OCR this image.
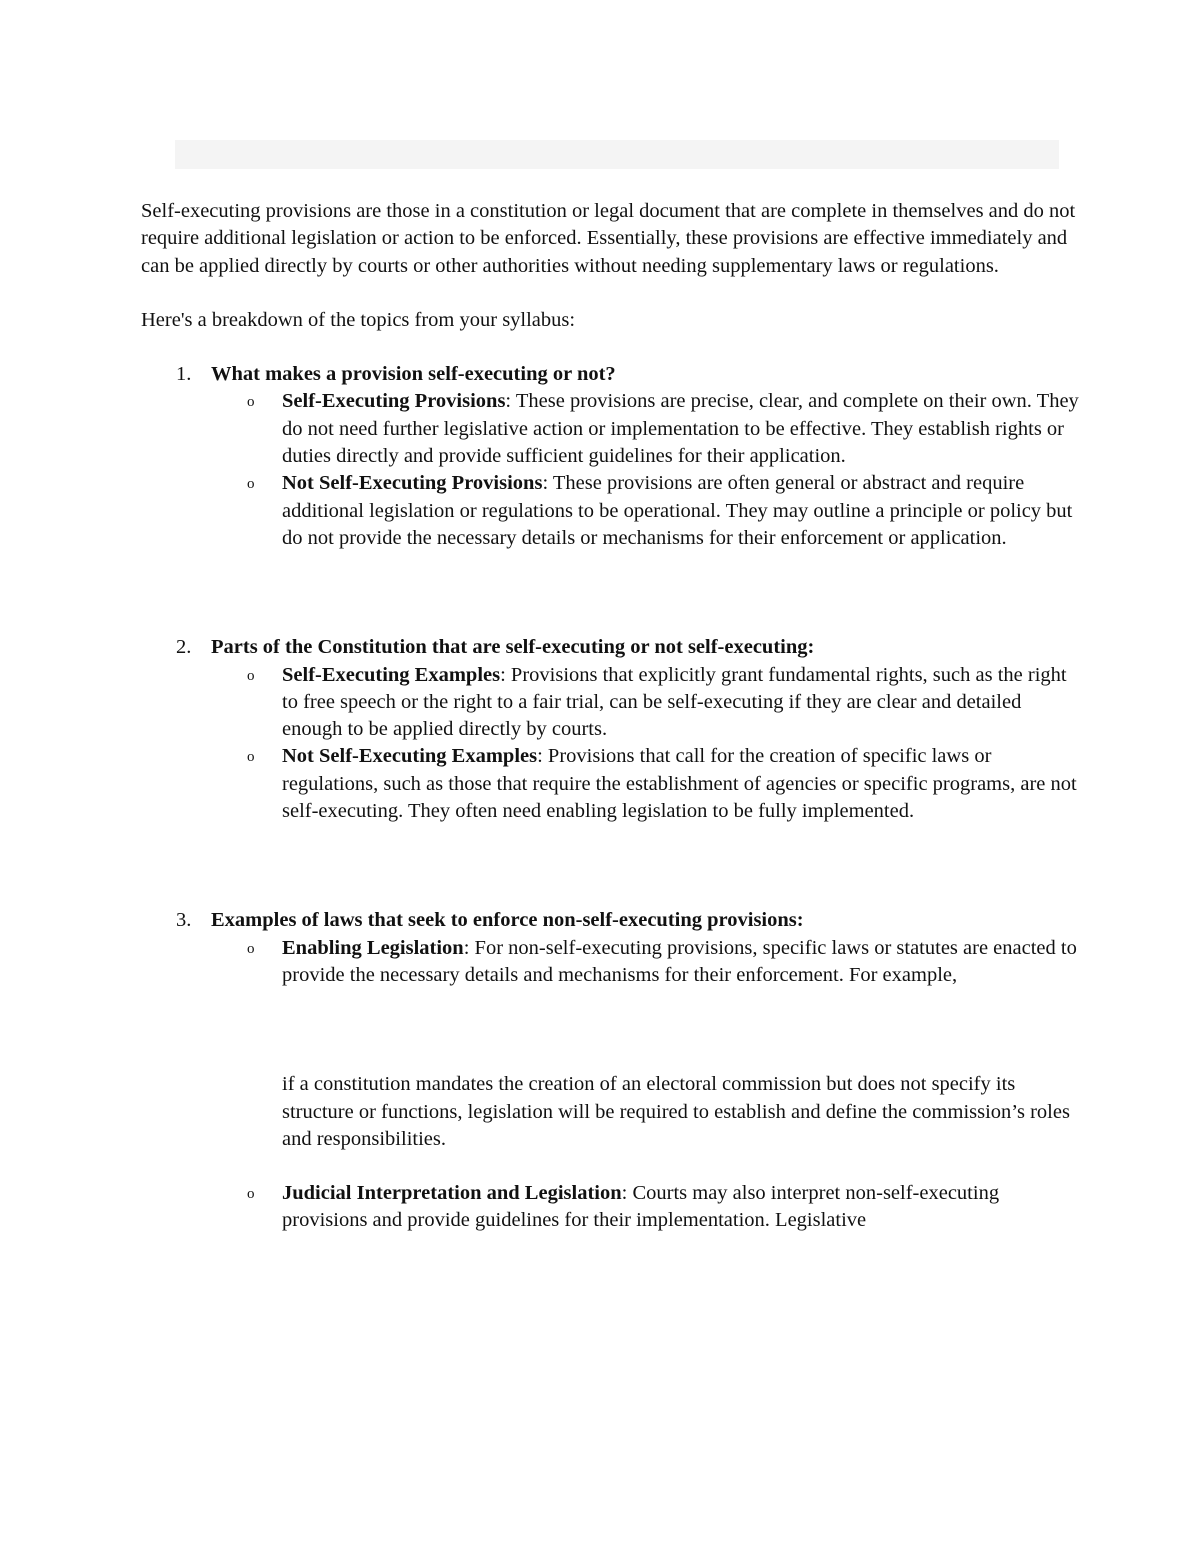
Self-executing provisions are those in a constitution or legal document that are complete in themselves and do not require additional legislation or action to be enforced. Essentially, these provisions are effective immediately and can be applied directly by courts or other authorities without needing supplementary laws or regulations.

Here's a breakdown of the topics from your syllabus:

1. What makes a provision self-executing or not?
o Self-Executing Provisions: These provisions are precise, clear, and complete on their own. They do not need further legislative action or implementation to be effective. They establish rights or duties directly and provide sufficient guidelines for their application.
o Not Self-Executing Provisions: These provisions are often general or abstract and require additional legislation or regulations to be operational. They may outline a principle or policy but do not provide the necessary details or mechanisms for their enforcement or application.
2. Parts of the Constitution that are self-executing or not self-executing:
o Self-Executing Examples: Provisions that explicitly grant fundamental rights, such as the right to free speech or the right to a fair trial, can be self-executing if they are clear and detailed enough to be applied directly by courts.
o Not Self-Executing Examples: Provisions that call for the creation of specific laws or regulations, such as those that require the establishment of agencies or specific programs, are not self-executing. They often need enabling legislation to be fully implemented.
3. Examples of laws that seek to enforce non-self-executing provisions:
o Enabling Legislation: For non-self-executing provisions, specific laws or statutes are enacted to provide the necessary details and mechanisms for their enforcement. For example,
if a constitution mandates the creation of an electoral commission but does not specify its structure or functions, legislation will be required to establish and define the commission’s roles and responsibilities.
o Judicial Interpretation and Legislation: Courts may also interpret non-self-executing provisions and provide guidelines for their implementation. Legislative
